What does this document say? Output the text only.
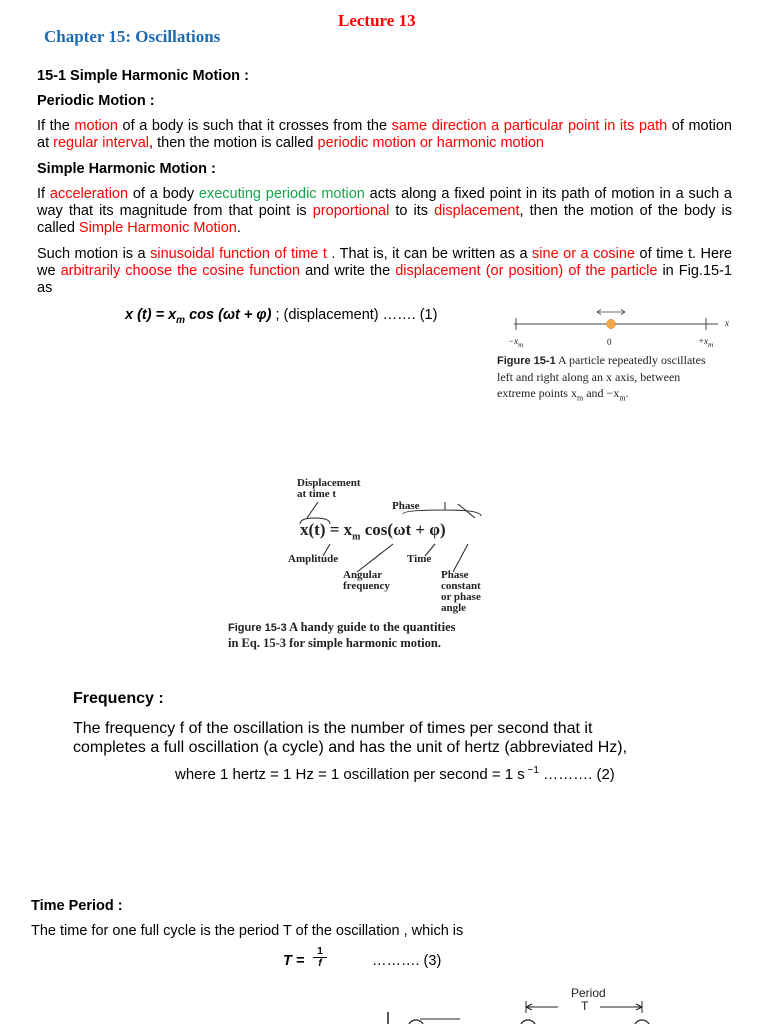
Lecture 13
Chapter 15: Oscillations
15-1 Simple Harmonic Motion :
Periodic Motion :
If the motion of a body is such that it crosses from the same direction a particular point in its path of motion at regular interval, then the motion is called periodic motion or harmonic motion
Simple Harmonic Motion :
If acceleration of a body executing periodic motion acts along a fixed point in its path of motion in a such a way that its magnitude from that point is proportional to its displacement, then the motion of the body is called Simple Harmonic Motion.
Such motion is a sinusoidal function of time t . That is, it can be written as a sine or a cosine of time t. Here we arbitrarily choose the cosine function and write the displacement (or position) of the particle in Fig.15-1 as
x $(t) = x_m$ cos (ωt + φ) ; (displacement) ……. (1)
$-x_m$	0	$+x_m$
x
Figure 15-1 A particle repeatedly oscillates
left and right along an x axis, between
extreme points $x_m$ and $-x_m$.
Displacement
at time t
Phase
$x(t) = x_m$ cos(ωt + φ)
Amplitude	Time
Angular
frequency
Phase
constant
or phase
angle
Figure 15-3 A handy guide to the quantities
in Eq. 15-3 for simple harmonic motion.
Frequency :
The frequency f of the oscillation is the number of times per second that it
completes a full oscillation (a cycle) and has the unit of hertz (abbreviated Hz),
where 1 hertz = 1 Hz = 1 oscillation per second = 1 s $^{-1}$ ………. (2)
Time Period :
The time for one full cycle is the period T of the oscillation , which is
T =
1
f	………. (3)
Period
T
